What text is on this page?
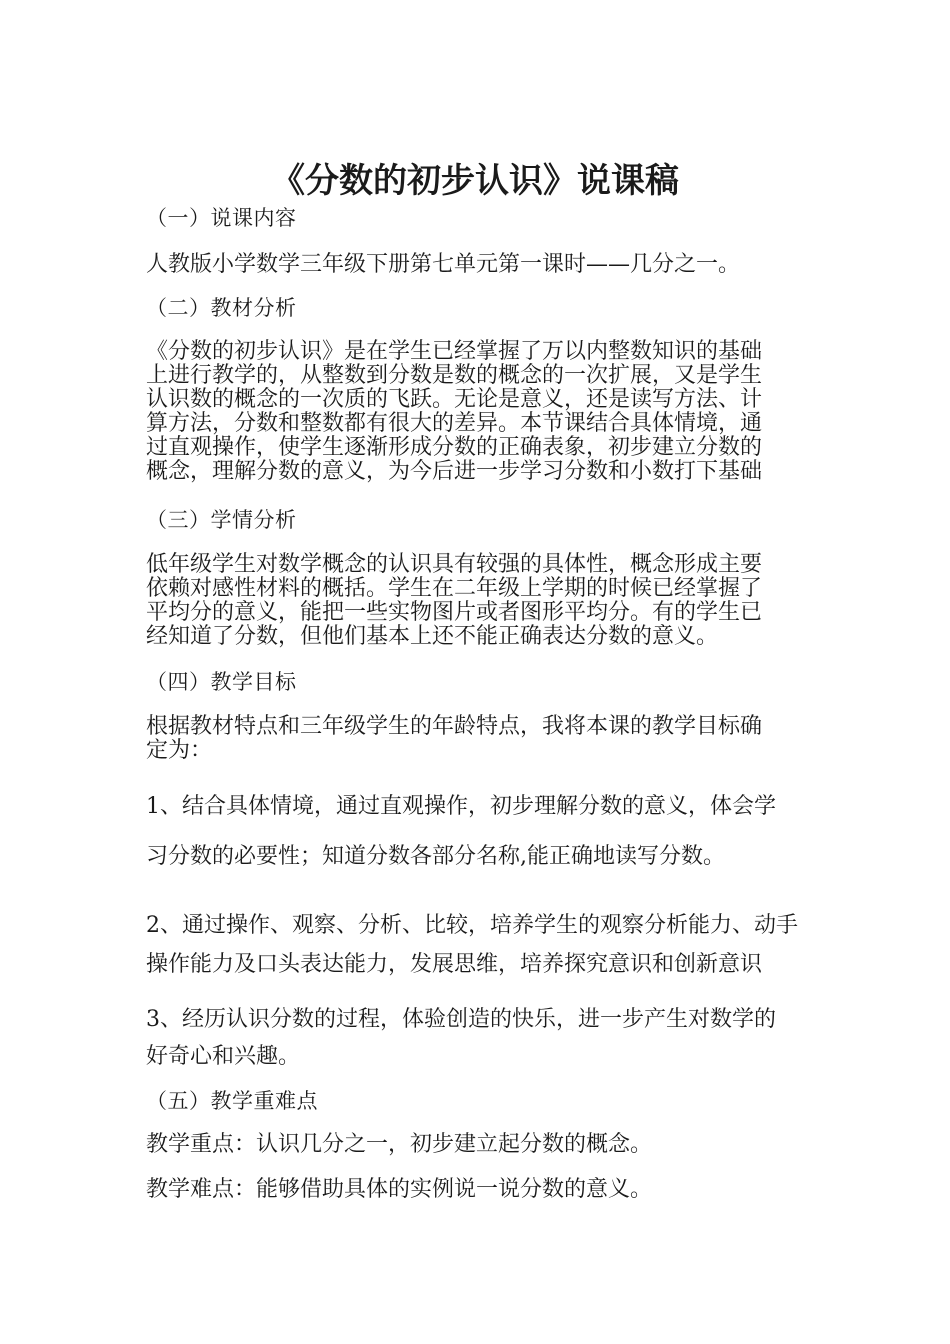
《分数的初步认识》说课稿

（一）说课内容

人教版小学数学三年级下册第七单元第一课时——几分之一。

（二）教材分析

《分数的初步认识》是在学生已经掌握了万以内整数知识的基础
上进行教学的，从整数到分数是数的概念的一次扩展，又是学生
认识数的概念的一次质的飞跃。无论是意义，还是读写方法、计
算方法，分数和整数都有很大的差异。本节课结合具体情境，通
过直观操作，使学生逐渐形成分数的正确表象，初步建立分数的
概念，理解分数的意义，为今后进一步学习分数和小数打下基础

（三）学情分析

低年级学生对数学概念的认识具有较强的具体性，概念形成主要
依赖对感性材料的概括。学生在二年级上学期的时候已经掌握了
平均分的意义，能把一些实物图片或者图形平均分。有的学生已
经知道了分数，但他们基本上还不能正确表达分数的意义。

（四）教学目标

根据教材特点和三年级学生的年龄特点，我将本课的教学目标确
定为：

1、结合具体情境，通过直观操作，初步理解分数的意义，体会学

习分数的必要性；知道分数各部分名称,能正确地读写分数。

2、通过操作、观察、分析、比较，培养学生的观察分析能力、动手

操作能力及口头表达能力，发展思维，培养探究意识和创新意识

3、经历认识分数的过程，体验创造的快乐，进一步产生对数学的

好奇心和兴趣。

（五）教学重难点

教学重点：认识几分之一，初步建立起分数的概念。

教学难点：能够借助具体的实例说一说分数的意义。
